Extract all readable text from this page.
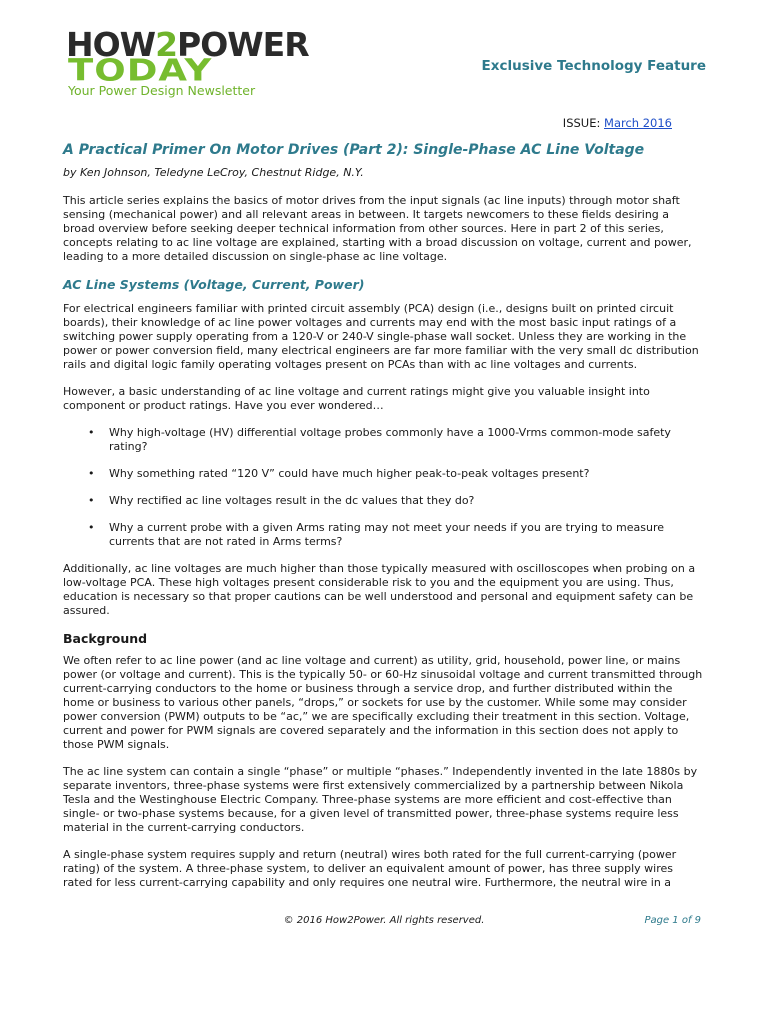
HOW2POWER
TODAY
Your Power Design Newsletter
Exclusive Technology Feature
ISSUE: March 2016
A Practical Primer On Motor Drives (Part 2): Single-Phase AC Line Voltage
by Ken Johnson, Teledyne LeCroy, Chestnut Ridge, N.Y.

This article series explains the basics of motor drives from the input signals (ac line inputs) through motor shaft sensing (mechanical power) and all relevant areas in between. It targets newcomers to these fields desiring a broad overview before seeking deeper technical information from other sources. Here in part 2 of this series, concepts relating to ac line voltage are explained, starting with a broad discussion on voltage, current and power, leading to a more detailed discussion on single-phase ac line voltage.

AC Line Systems (Voltage, Current, Power)

For electrical engineers familiar with printed circuit assembly (PCA) design (i.e., designs built on printed circuit boards), their knowledge of ac line power voltages and currents may end with the most basic input ratings of a switching power supply operating from a 120-V or 240-V single-phase wall socket. Unless they are working in the power or power conversion field, many electrical engineers are far more familiar with the very small dc distribution rails and digital logic family operating voltages present on PCAs than with ac line voltages and currents.

However, a basic understanding of ac line voltage and current ratings might give you valuable insight into component or product ratings. Have you ever wondered…

• Why high-voltage (HV) differential voltage probes commonly have a 1000-Vrms common-mode safety rating?
• Why something rated “120 V” could have much higher peak-to-peak voltages present?
• Why rectified ac line voltages result in the dc values that they do?
• Why a current probe with a given Arms rating may not meet your needs if you are trying to measure currents that are not rated in Arms terms?

Additionally, ac line voltages are much higher than those typically measured with oscilloscopes when probing on a low-voltage PCA. These high voltages present considerable risk to you and the equipment you are using. Thus, education is necessary so that proper cautions can be well understood and personal and equipment safety can be assured.

Background

We often refer to ac line power (and ac line voltage and current) as utility, grid, household, power line, or mains power (or voltage and current). This is the typically 50- or 60-Hz sinusoidal voltage and current transmitted through current-carrying conductors to the home or business through a service drop, and further distributed within the home or business to various other panels, “drops,” or sockets for use by the customer. While some may consider power conversion (PWM) outputs to be “ac,” we are specifically excluding their treatment in this section. Voltage, current and power for PWM signals are covered separately and the information in this section does not apply to those PWM signals.

The ac line system can contain a single “phase” or multiple “phases.” Independently invented in the late 1880s by separate inventors, three-phase systems were first extensively commercialized by a partnership between Nikola Tesla and the Westinghouse Electric Company. Three-phase systems are more efficient and cost-effective than single- or two-phase systems because, for a given level of transmitted power, three-phase systems require less material in the current-carrying conductors.

A single-phase system requires supply and return (neutral) wires both rated for the full current-carrying (power rating) of the system. A three-phase system, to deliver an equivalent amount of power, has three supply wires rated for less current-carrying capability and only requires one neutral wire. Furthermore, the neutral wire in a

© 2016 How2Power. All rights reserved.	Page 1 of 9
